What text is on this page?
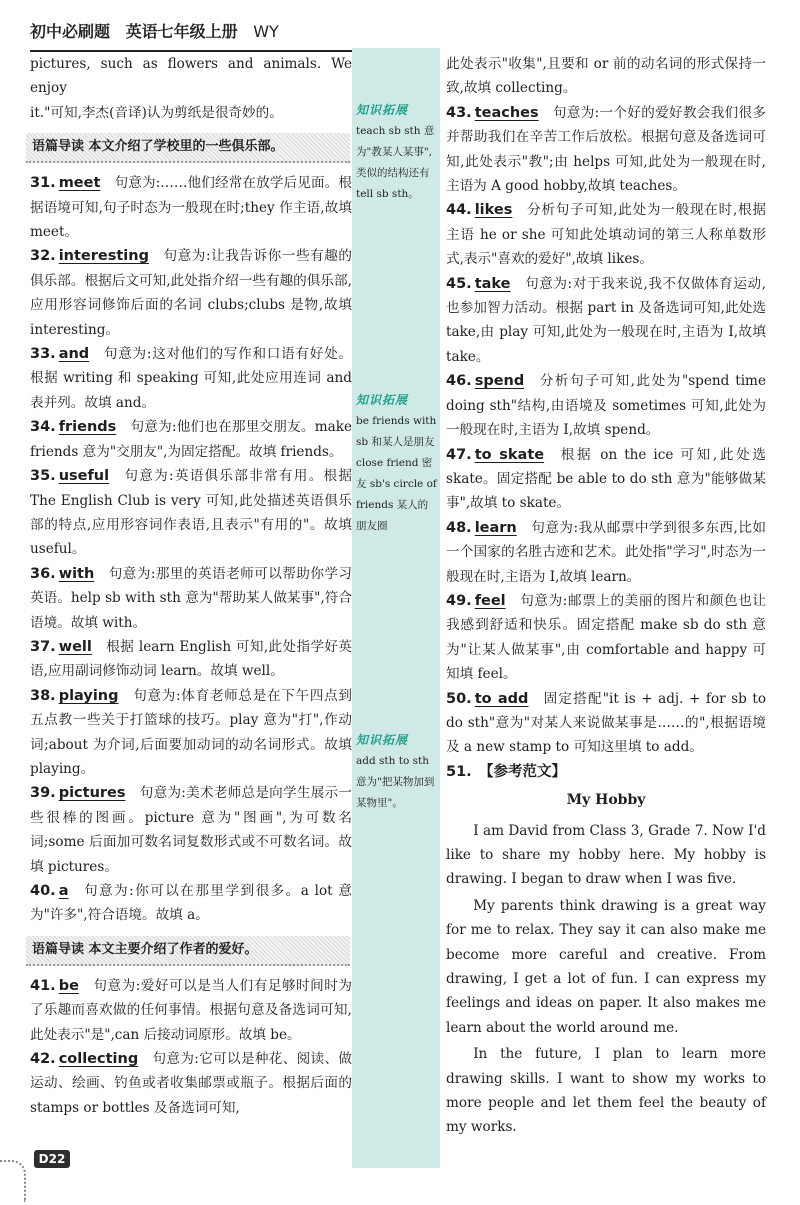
初中必刷题 英语七年级上册 WY
知识拓展
teach sb sth 意为"教某人某事",类似的结构还有 tell sb sth。
知识拓展
be friends with sb 和某人是朋友 close friend 密友 sb's circle of friends 某人的朋友圈
知识拓展
add sth to sth 意为"把某物加到某物里"。

pictures, such as flowers and animals. We enjoy

it."可知,李杰(音译)认为剪纸是很奇妙的。

语篇导读 本文介绍了学校里的一些俱乐部。
31. meet 句意为:……他们经常在放学后见面。根据语境可知,句子时态为一般现在时;they 作主语,故填 meet。
32. interesting 句意为:让我告诉你一些有趣的俱乐部。根据后文可知,此处指介绍一些有趣的俱乐部,应用形容词修饰后面的名词 clubs;clubs 是物,故填 interesting。
33. and 句意为:这对他们的写作和口语有好处。根据 writing 和 speaking 可知,此处应用连词 and 表并列。故填 and。
34. friends 句意为:他们也在那里交朋友。make friends 意为"交朋友",为固定搭配。故填 friends。
35. useful 句意为:英语俱乐部非常有用。根据 The English Club is very 可知,此处描述英语俱乐部的特点,应用形容词作表语,且表示"有用的"。故填 useful。
36. with 句意为:那里的英语老师可以帮助你学习英语。help sb with sth 意为"帮助某人做某事",符合语境。故填 with。
37. well 根据 learn English 可知,此处指学好英语,应用副词修饰动词 learn。故填 well。
38. playing 句意为:体育老师总是在下午四点到五点教一些关于打篮球的技巧。play 意为"打",作动词;about 为介词,后面要加动词的动名词形式。故填 playing。
39. pictures 句意为:美术老师总是向学生展示一些很棒的图画。picture 意为"图画",为可数名词;some 后面加可数名词复数形式或不可数名词。故填 pictures。
40. a 句意为:你可以在那里学到很多。a lot 意为"许多",符合语境。故填 a。
语篇导读 本文主要介绍了作者的爱好。
41. be 句意为:爱好可以是当人们有足够时间时为了乐趣而喜欢做的任何事情。根据句意及备选词可知,此处表示"是",can 后接动词原形。故填 be。
42. collecting 句意为:它可以是种花、阅读、做运动、绘画、钓鱼或者收集邮票或瓶子。根据后面的 stamps or bottles 及备选词可知,

此处表示"收集",且要和 or 前的动名词的形式保持一致,故填 collecting。

43. teaches 句意为:一个好的爱好教会我们很多并帮助我们在辛苦工作后放松。根据句意及备选词可知,此处表示"教";由 helps 可知,此处为一般现在时,主语为 A good hobby,故填 teaches。
44. likes 分析句子可知,此处为一般现在时,根据主语 he or she 可知此处填动词的第三人称单数形式,表示"喜欢的爱好",故填 likes。
45. take 句意为:对于我来说,我不仅做体育运动,也参加智力活动。根据 part in 及备选词可知,此处选 take,由 play 可知,此处为一般现在时,主语为 I,故填 take。
46. spend 分析句子可知,此处为"spend time doing sth"结构,由语境及 sometimes 可知,此处为一般现在时,主语为 I,故填 spend。
47. to skate 根据 on the ice 可知,此处选 skate。固定搭配 be able to do sth 意为"能够做某事",故填 to skate。
48. learn 句意为:我从邮票中学到很多东西,比如一个国家的名胜古迹和艺术。此处指"学习",时态为一般现在时,主语为 I,故填 learn。
49. feel 句意为:邮票上的美丽的图片和颜色也让我感到舒适和快乐。固定搭配 make sb do sth 意为"让某人做某事",由 comfortable and happy 可知填 feel。
50. to add 固定搭配"it is + adj. + for sb to do sth"意为"对某人来说做某事是……的",根据语境及 a new stamp to 可知这里填 to add。
51. 【参考范文】
My Hobby

I am David from Class 3, Grade 7. Now I'd like to share my hobby here. My hobby is drawing. I began to draw when I was five.

My parents think drawing is a great way for me to relax. They say it can also make me become more careful and creative. From drawing, I get a lot of fun. I can express my feelings and ideas on paper. It also makes me learn about the world around me.

In the future, I plan to learn more drawing skills. I want to show my works to more people and let them feel the beauty of my works.

D22
